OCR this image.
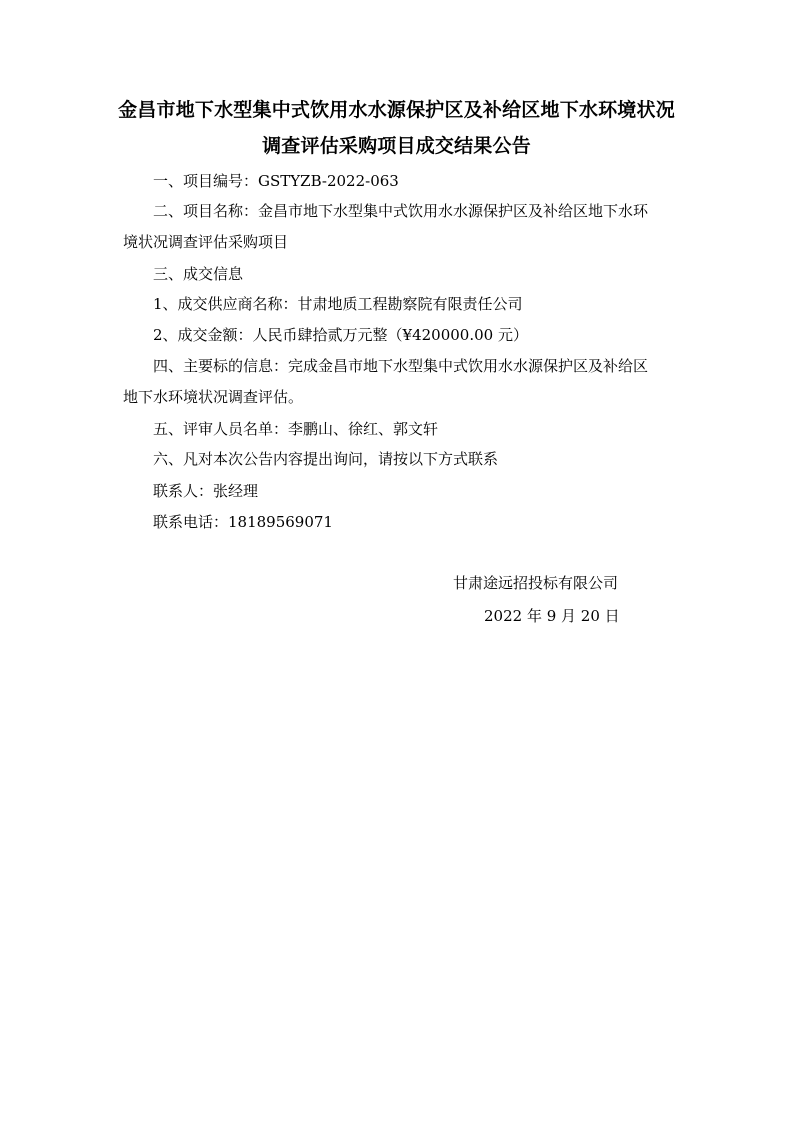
金昌市地下水型集中式饮用水水源保护区及补给区地下水环境状况
调查评估采购项目成交结果公告
一、项目编号：GSTYZB-2022-063
二、项目名称：金昌市地下水型集中式饮用水水源保护区及补给区地下水环
境状况调查评估采购项目
三、成交信息
1、成交供应商名称：甘肃地质工程勘察院有限责任公司
2、成交金额：人民币肆拾贰万元整（¥420000.00 元）
四、主要标的信息：完成金昌市地下水型集中式饮用水水源保护区及补给区
地下水环境状况调查评估。
五、评审人员名单：李鹏山、徐红、郭文轩
六、凡对本次公告内容提出询问，请按以下方式联系
联系人：张经理
联系电话：18189569071
甘肃途远招投标有限公司
2022 年 9 月 20 日
